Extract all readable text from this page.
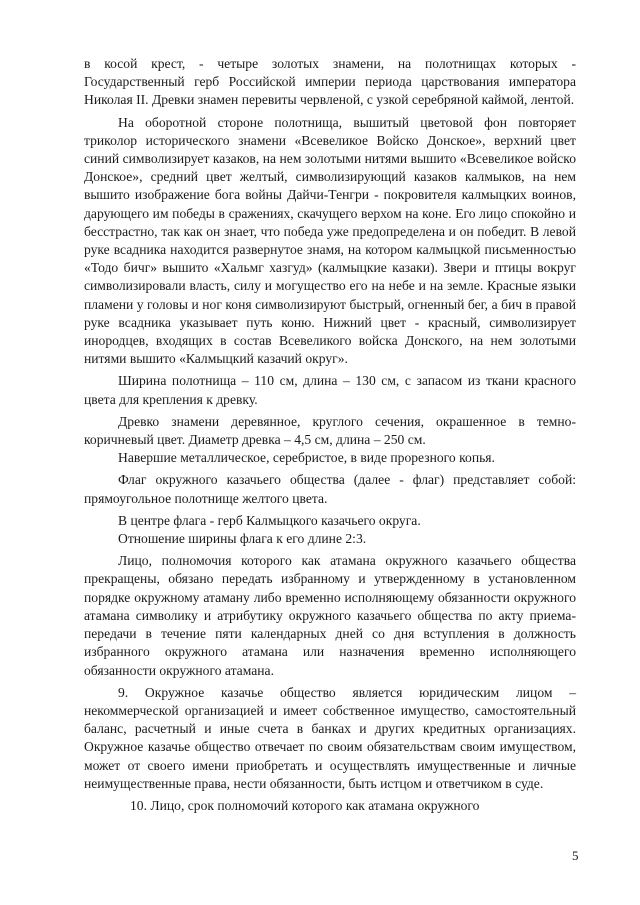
в косой крест, - четыре золотых знамени, на полотнищах которых - Государственный герб Российской империи периода царствования императора Николая II. Древки знамен перевиты червленой, с узкой серебряной каймой, лентой.

На оборотной стороне полотнища, вышитый цветовой фон повторяет триколор исторического знамени «Всевеликое Войско Донское», верхний цвет синий символизирует казаков, на нем золотыми нитями вышито «Всевеликое войско Донское», средний цвет желтый, символизирующий казаков калмыков, на нем вышито изображение бога войны Дайчи-Тенгри - покровителя калмыцких воинов, дарующего им победы в сражениях, скачущего верхом на коне. Его лицо спокойно и бесстрастно, так как он знает, что победа уже предопределена и он победит. В левой руке всадника находится развернутое знамя, на котором калмыцкой письменностью «Тодо бичг» вышито «Хальмг хазгуд» (калмыцкие казаки). Звери и птицы вокруг символизировали власть, силу и могущество его на небе и на земле. Красные языки пламени у головы и ног коня символизируют быстрый, огненный бег, а бич в правой руке всадника указывает путь коню. Нижний цвет - красный, символизирует инородцев, входящих в состав Всевеликого войска Донского, на нем золотыми нитями вышито «Калмыцкий казачий округ».

Ширина полотнища – 110 см, длина – 130 см, с запасом из ткани красного цвета для крепления к древку.

Древко знамени деревянное, круглого сечения, окрашенное в темно-коричневый цвет. Диаметр древка – 4,5 см, длина – 250 см.

Навершие металлическое, серебристое, в виде прорезного копья.

Флаг окружного казачьего общества (далее - флаг) представляет собой: прямоугольное полотнище желтого цвета.

В центре флага - герб Калмыцкого казачьего округа.

Отношение ширины флага к его длине 2:3.

Лицо, полномочия которого как атамана окружного казачьего общества прекращены, обязано передать избранному и утвержденному в установленном порядке окружному атаману либо временно исполняющему обязанности окружного атамана символику и атрибутику окружного казачьего общества по акту приема-передачи в течение пяти календарных дней со дня вступления в должность избранного окружного атамана или назначения временно исполняющего обязанности окружного атамана.

9. Окружное казачье общество является юридическим лицом – некоммерческой организацией и имеет собственное имущество, самостоятельный баланс, расчетный и иные счета в банках и других кредитных организациях. Окружное казачье общество отвечает по своим обязательствам своим имуществом, может от своего имени приобретать и осуществлять имущественные и личные неимущественные права, нести обязанности, быть истцом и ответчиком в суде.

10. Лицо, срок полномочий которого как атамана окружного

5
